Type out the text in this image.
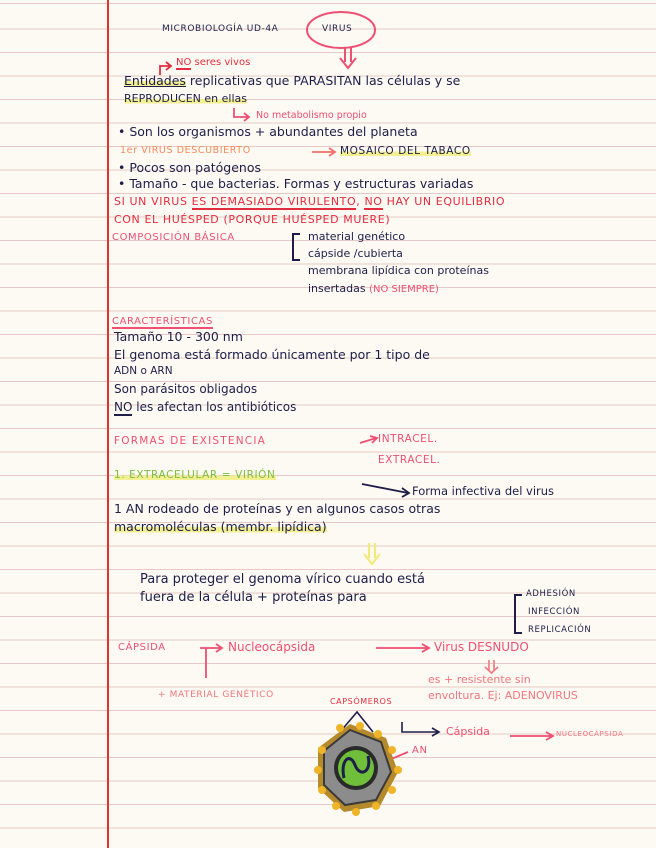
MICROBIOLOGÍA UD-4A	VIRUS
NO seres vivos
Entidades replicativas que PARASITAN las células y se
REPRODUCEN en ellas
No metabolismo propio
• Son los organismos + abundantes del planeta
1er VIRUS DESCUBIERTO	MOSAICO DEL TABACO
• Pocos son patógenos
• Tamaño - que bacterias. Formas y estructuras variadas
SI UN VIRUS ES DEMASIADO VIRULENTO, NO HAY UN EQUILIBRIO
CON EL HUÉSPED (PORQUE HUÉSPED MUERE)
COMPOSICIÓN BÁSICA	material genético
cápside /cubierta
membrana lipídica con proteínas
insertadas (NO SIEMPRE)
CARACTERÍSTICAS
Tamaño 10 - 300 nm
El genoma está formado únicamente por 1 tipo de
ADN o ARN
Son parásitos obligados
NO les afectan los antibióticos
FORMAS DE EXISTENCIA	INTRACEL.
EXTRACEL.
1. EXTRACELULAR = VIRIÓN
Forma infectiva del virus
1 AN rodeado de proteínas y en algunos casos otras
macromoléculas (membr. lipídica)
Para proteger el genoma vírico cuando está
fuera de la célula + proteínas para	ADHESIÓN
INFECCIÓN
REPLICACIÓN
CÁPSIDA	Nucleocápsida	Virus DESNUDO
es + resistente sin
envoltura. Ej: ADENOVIRUS
+ MATERIAL GENÉTICO
CAPSÓMEROS
Cápsida	NUCLEOCÁPSIDA
AN
